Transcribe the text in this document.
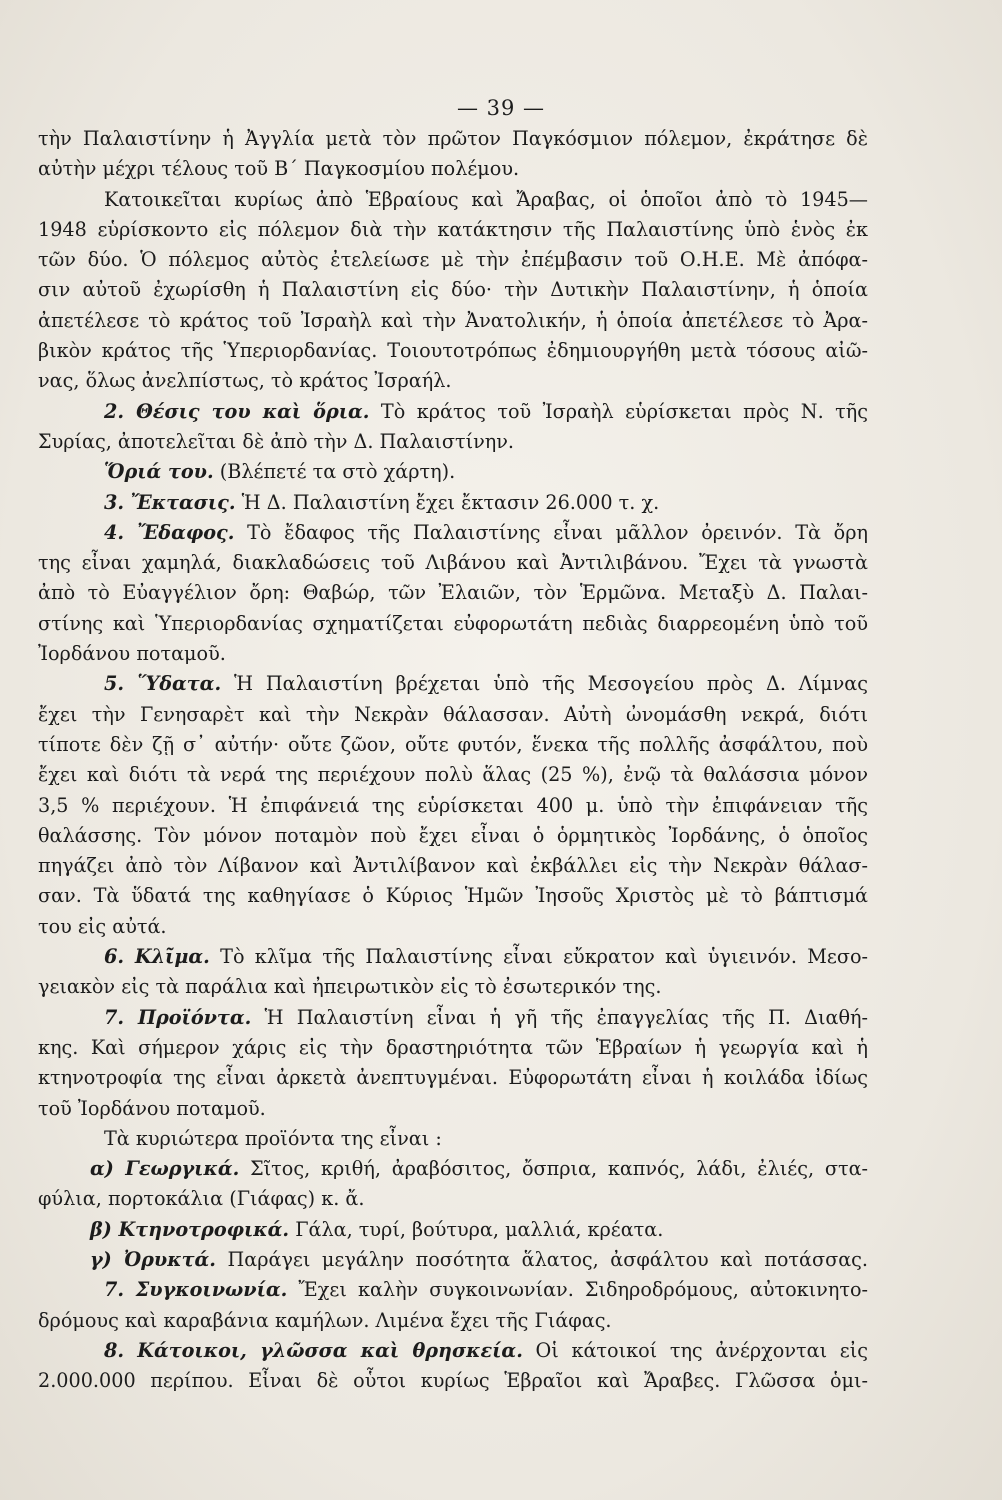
— 39 —
τὴν Παλαιστίνην ἡ Ἀγγλία μετὰ τὸν πρῶτον Παγκόσμιον πόλεμον, ἐκράτησε δὲ
αὐτὴν μέχρι τέλους τοῦ Β΄ Παγκοσμίου πολέμου.
Κατοικεῖται κυρίως ἀπὸ Ἑβραίους καὶ Ἄραβας, οἱ ὁποῖοι ἀπὸ τὸ 1945—
1948 εὑρίσκοντο εἰς πόλεμον διὰ τὴν κατάκτησιν τῆς Παλαιστίνης ὑπὸ ἑνὸς ἐκ
τῶν δύο. Ὁ πόλεμος αὐτὸς ἐτελείωσε μὲ τὴν ἐπέμβασιν τοῦ Ο.Η.Ε. Μὲ ἀπόφα-
σιν αὐτοῦ ἐχωρίσθη ἡ Παλαιστίνη εἰς δύο· τὴν Δυτικὴν Παλαιστίνην, ἡ ὁποία
ἀπετέλεσε τὸ κράτος τοῦ Ἰσραὴλ καὶ τὴν Ἀνατολικήν, ἡ ὁποία ἀπετέλεσε τὸ Ἀρα-
βικὸν κράτος τῆς Ὑπεριορδανίας. Τοιουτοτρόπως ἐδημιουργήθη μετὰ τόσους αἰῶ-
νας, ὅλως ἀνελπίστως, τὸ κράτος Ἰσραήλ.
2. Θέσις του καὶ ὅρια. Τὸ κράτος τοῦ Ἰσραὴλ εὑρίσκεται πρὸς Ν. τῆς
Συρίας, ἀποτελεῖται δὲ ἀπὸ τὴν Δ. Παλαιστίνην.
Ὅριά του. (Βλέπετέ τα στὸ χάρτη).
3. Ἔκτασις. Ἡ Δ. Παλαιστίνη ἔχει ἔκτασιν 26.000 τ. χ.
4. Ἔδαφος. Τὸ ἔδαφος τῆς Παλαιστίνης εἶναι μᾶλλον ὀρεινόν. Τὰ ὄρη
της εἶναι χαμηλά, διακλαδώσεις τοῦ Λιβάνου καὶ Ἀντιλιβάνου. Ἔχει τὰ γνωστὰ
ἀπὸ τὸ Εὐαγγέλιον ὄρη: Θαβώρ, τῶν Ἐλαιῶν, τὸν Ἑρμῶνα. Μεταξὺ Δ. Παλαι-
στίνης καὶ Ὑπεριορδανίας σχηματίζεται εὐφορωτάτη πεδιὰς διαρρεομένη ὑπὸ τοῦ
Ἰορδάνου ποταμοῦ.
5. Ὕδατα. Ἡ Παλαιστίνη βρέχεται ὑπὸ τῆς Μεσογείου πρὸς Δ. Λίμνας
ἔχει τὴν Γενησαρὲτ καὶ τὴν Νεκρὰν θάλασσαν. Αὐτὴ ὠνομάσθη νεκρά, διότι
τίποτε δὲν ζῇ σ᾿ αὐτήν· οὔτε ζῶον, οὔτε φυτόν, ἕνεκα τῆς πολλῆς ἀσφάλτου, ποὺ
ἔχει καὶ διότι τὰ νερά της περιέχουν πολὺ ἅλας (25 %), ἐνῷ τὰ θαλάσσια μόνον
3,5 % περιέχουν. Ἡ ἐπιφάνειά της εὑρίσκεται 400 μ. ὑπὸ τὴν ἐπιφάνειαν τῆς
θαλάσσης. Τὸν μόνον ποταμὸν ποὺ ἔχει εἶναι ὁ ὁρμητικὸς Ἰορδάνης, ὁ ὁποῖος
πηγάζει ἀπὸ τὸν Λίβανον καὶ Ἀντιλίβανον καὶ ἐκβάλλει εἰς τὴν Νεκρὰν θάλασ-
σαν. Τὰ ὕδατά της καθηγίασε ὁ Κύριος Ἡμῶν Ἰησοῦς Χριστὸς μὲ τὸ βάπτισμά
του εἰς αὐτά.
6. Κλῖμα. Τὸ κλῖμα τῆς Παλαιστίνης εἶναι εὔκρατον καὶ ὑγιεινόν. Μεσο-
γειακὸν εἰς τὰ παράλια καὶ ἠπειρωτικὸν εἰς τὸ ἐσωτερικόν της.
7. Προϊόντα. Ἡ Παλαιστίνη εἶναι ἡ γῆ τῆς ἐπαγγελίας τῆς Π. Διαθή-
κης. Καὶ σήμερον χάρις εἰς τὴν δραστηριότητα τῶν Ἑβραίων ἡ γεωργία καὶ ἡ
κτηνοτροφία της εἶναι ἀρκετὰ ἀνεπτυγμέναι. Εὐφορωτάτη εἶναι ἡ κοιλάδα ἰδίως
τοῦ Ἰορδάνου ποταμοῦ.
Τὰ κυριώτερα προϊόντα της εἶναι :
α) Γεωργικά. Σῖτος, κριθή, ἀραβόσιτος, ὄσπρια, καπνός, λάδι, ἐλιές, στα-
φύλια, πορτοκάλια (Γιάφας) κ. ἄ.
β) Κτηνοτροφικά. Γάλα, τυρί, βούτυρα, μαλλιά, κρέατα.
γ) Ὀρυκτά. Παράγει μεγάλην ποσότητα ἅλατος, ἀσφάλτου καὶ ποτάσσας.
7. Συγκοινωνία. Ἔχει καλὴν συγκοινωνίαν. Σιδηροδρόμους, αὐτοκινητο-
δρόμους καὶ καραβάνια καμήλων. Λιμένα ἔχει τῆς Γιάφας.
8. Κάτοικοι, γλῶσσα καὶ θρησκεία. Οἱ κάτοικοί της ἀνέρχονται εἰς
2.000.000 περίπου. Εἶναι δὲ οὗτοι κυρίως Ἑβραῖοι καὶ Ἄραβες. Γλῶσσα ὁμι-
